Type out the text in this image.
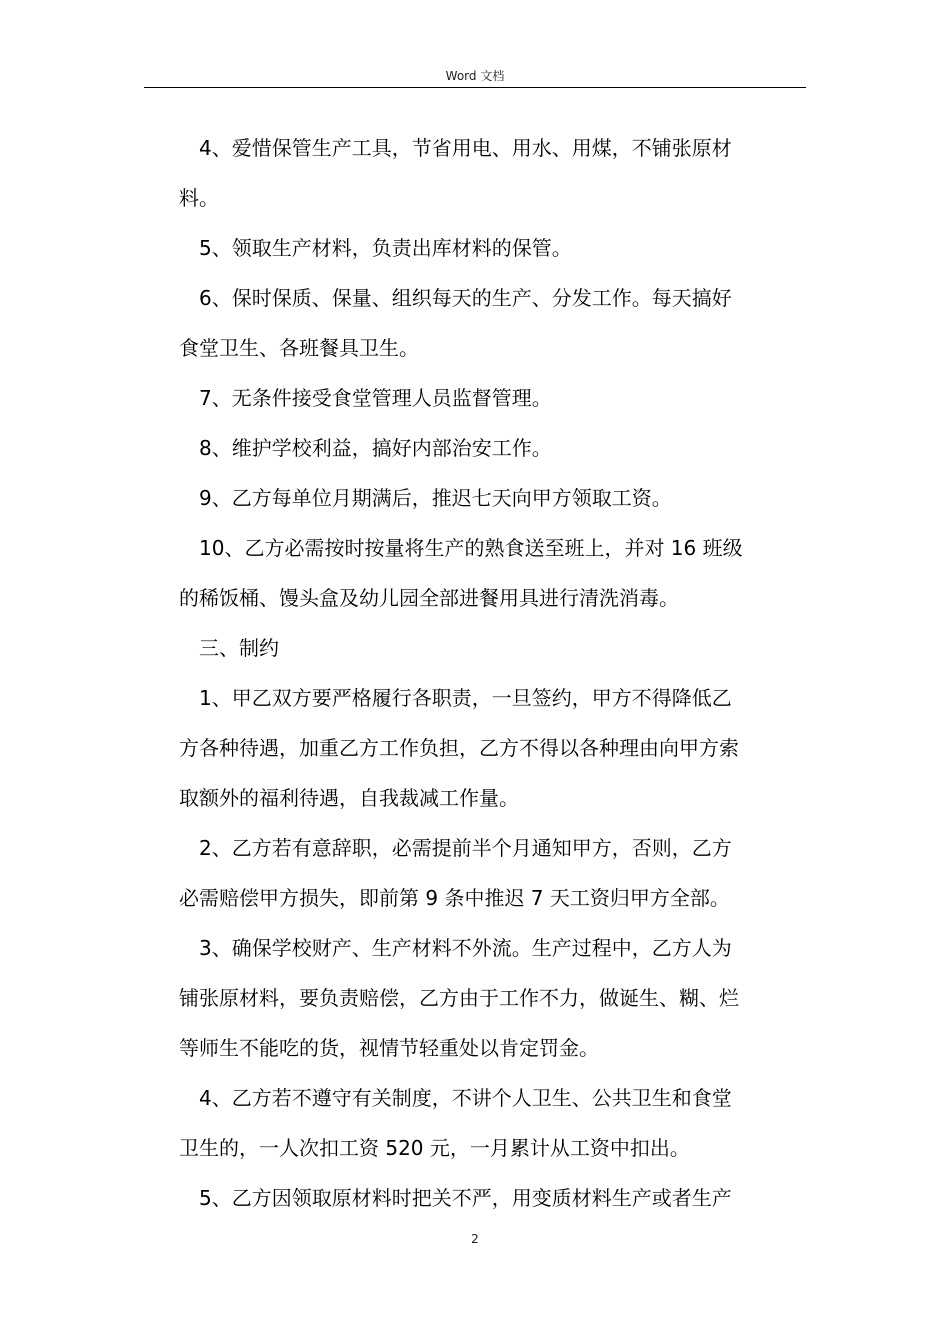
Word 文档

4、爱惜保管生产工具，节省用电、用水、用煤，不铺张原材

料。

5、领取生产材料，负责出库材料的保管。

6、保时保质、保量、组织每天的生产、分发工作。每天搞好

食堂卫生、各班餐具卫生。

7、无条件接受食堂管理人员监督管理。

8、维护学校利益，搞好内部治安工作。

9、乙方每单位月期满后，推迟七天向甲方领取工资。

10、乙方必需按时按量将生产的熟食送至班上，并对 16 班级

的稀饭桶、馒头盒及幼儿园全部进餐用具进行清洗消毒。

三、制约

1、甲乙双方要严格履行各职责，一旦签约，甲方不得降低乙

方各种待遇，加重乙方工作负担，乙方不得以各种理由向甲方索

取额外的福利待遇，自我裁减工作量。

2、乙方若有意辞职，必需提前半个月通知甲方，否则，乙方

必需赔偿甲方损失，即前第 9 条中推迟 7 天工资归甲方全部。

3、确保学校财产、生产材料不外流。生产过程中，乙方人为

铺张原材料，要负责赔偿，乙方由于工作不力，做诞生、糊、烂

等师生不能吃的货，视情节轻重处以肯定罚金。

4、乙方若不遵守有关制度，不讲个人卫生、公共卫生和食堂

卫生的，一人次扣工资 520 元，一月累计从工资中扣出。

5、乙方因领取原材料时把关不严，用变质材料生产或者生产

2
